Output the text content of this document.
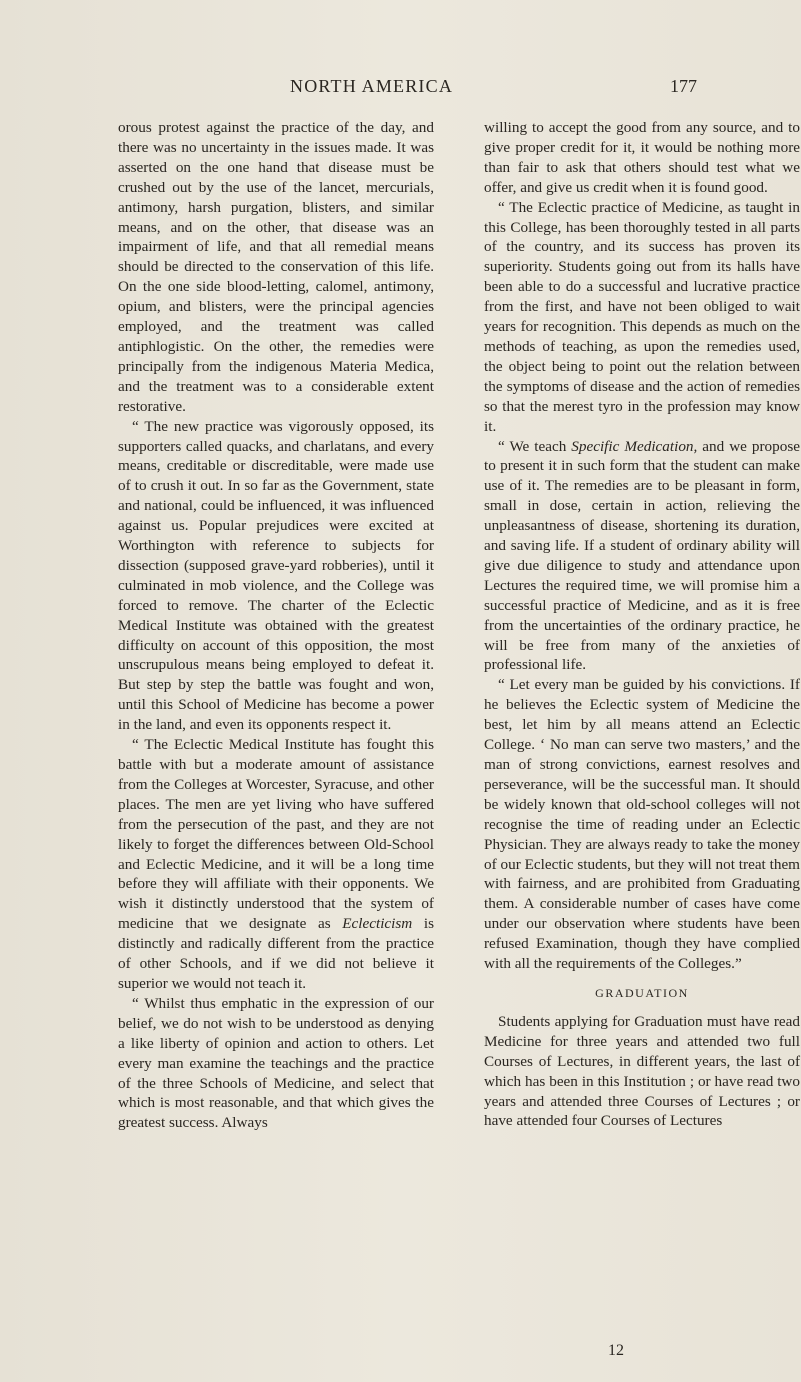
NORTH AMERICA	177

orous protest against the practice of the day, and there was no uncertainty in the issues made. It was asserted on the one hand that disease must be crushed out by the use of the lancet, mercurials, antimony, harsh purgation, blisters, and similar means, and on the other, that disease was an impairment of life, and that all remedial means should be directed to the conservation of this life. On the one side blood-letting, calomel, antimony, opium, and blisters, were the principal agencies employed, and the treatment was called antiphlogistic. On the other, the remedies were principally from the indigenous Materia Medica, and the treatment was to a considerable extent restorative.

“ The new practice was vigorously opposed, its supporters called quacks, and charlatans, and every means, creditable or discreditable, were made use of to crush it out. In so far as the Government, state and national, could be influenced, it was influenced against us. Popular prejudices were excited at Worthington with reference to subjects for dissection (supposed grave-yard robberies), until it culminated in mob violence, and the College was forced to remove. The charter of the Eclectic Medical Institute was obtained with the greatest difficulty on account of this opposition, the most unscrupulous means being employed to defeat it. But step by step the battle was fought and won, until this School of Medicine has become a power in the land, and even its opponents respect it.

“ The Eclectic Medical Institute has fought this battle with but a moderate amount of assistance from the Colleges at Worcester, Syracuse, and other places. The men are yet living who have suffered from the persecution of the past, and they are not likely to forget the differences between Old-School and Eclectic Medicine, and it will be a long time before they will affiliate with their opponents. We wish it distinctly understood that the system of medicine that we designate as Eclecticism is distinctly and radically different from the practice of other Schools, and if we did not believe it superior we would not teach it.

“ Whilst thus emphatic in the expression of our belief, we do not wish to be understood as denying a like liberty of opinion and action to others. Let every man examine the teachings and the practice of the three Schools of Medicine, and select that which is most reasonable, and that which gives the greatest success. Always

willing to accept the good from any source, and to give proper credit for it, it would be nothing more than fair to ask that others should test what we offer, and give us credit when it is found good.

“ The Eclectic practice of Medicine, as taught in this College, has been thoroughly tested in all parts of the country, and its success has proven its superiority. Students going out from its halls have been able to do a successful and lucrative practice from the first, and have not been obliged to wait years for recognition. This depends as much on the methods of teaching, as upon the remedies used, the object being to point out the relation between the symptoms of disease and the action of remedies so that the merest tyro in the profession may know it.

“ We teach Specific Medication, and we propose to present it in such form that the student can make use of it. The remedies are to be pleasant in form, small in dose, certain in action, relieving the unpleasantness of disease, shortening its duration, and saving life. If a student of ordinary ability will give due diligence to study and attendance upon Lectures the required time, we will promise him a successful practice of Medicine, and as it is free from the uncertainties of the ordinary practice, he will be free from many of the anxieties of professional life.

“ Let every man be guided by his convictions. If he believes the Eclectic system of Medicine the best, let him by all means attend an Eclectic College. ‘ No man can serve two masters,’ and the man of strong convictions, earnest resolves and perseverance, will be the successful man. It should be widely known that old-school colleges will not recognise the time of reading under an Eclectic Physician. They are always ready to take the money of our Eclectic students, but they will not treat them with fairness, and are prohibited from Graduating them. A considerable number of cases have come under our observation where students have been refused Examination, though they have complied with all the requirements of the Colleges.”

GRADUATION

Students applying for Graduation must have read Medicine for three years and attended two full Courses of Lectures, in different years, the last of which has been in this Institution ; or have read two years and attended three Courses of Lectures ; or have attended four Courses of Lectures

12
